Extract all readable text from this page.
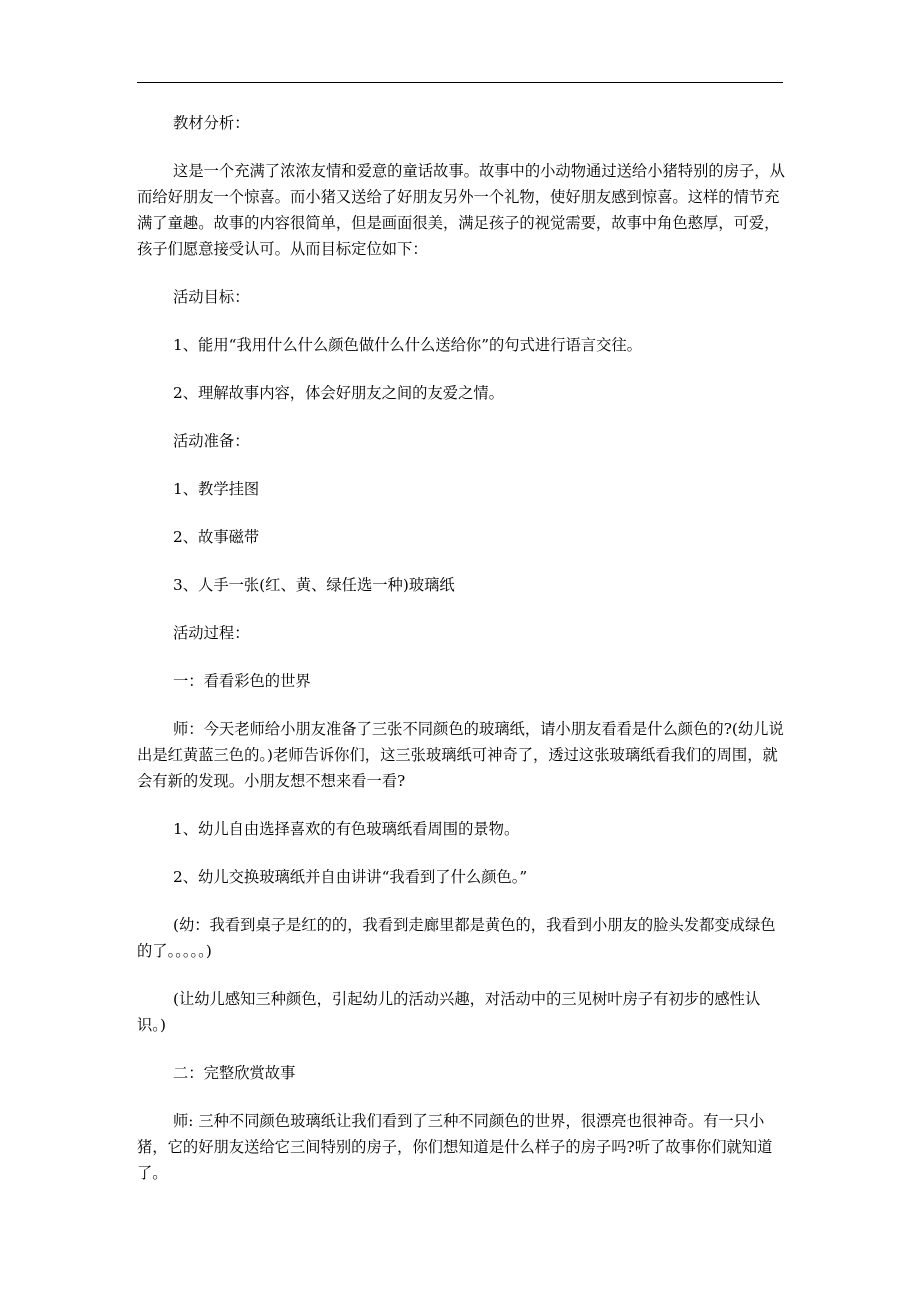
教材分析：

这是一个充满了浓浓友情和爱意的童话故事。故事中的小动物通过送给小猪特别的房子，从而给好朋友一个惊喜。而小猪又送给了好朋友另外一个礼物，使好朋友感到惊喜。这样的情节充满了童趣。故事的内容很简单，但是画面很美，满足孩子的视觉需要，故事中角色憨厚，可爱，孩子们愿意接受认可。从而目标定位如下：

活动目标：

1、能用“我用什么什么颜色做什么什么送给你”的句式进行语言交往。

2、理解故事内容，体会好朋友之间的友爱之情。

活动准备：

1、教学挂图

2、故事磁带

3、人手一张(红、黄、绿任选一种)玻璃纸

活动过程：

一：看看彩色的世界

师：今天老师给小朋友准备了三张不同颜色的玻璃纸，请小朋友看看是什么颜色的?(幼儿说出是红黄蓝三色的。)老师告诉你们，这三张玻璃纸可神奇了，透过这张玻璃纸看我们的周围，就会有新的发现。小朋友想不想来看一看?

1、幼儿自由选择喜欢的有色玻璃纸看周围的景物。

2、幼儿交换玻璃纸并自由讲讲“我看到了什么颜色。”

(幼：我看到桌子是红的的，我看到走廊里都是黄色的，我看到小朋友的脸头发都变成绿色的了。。。。。)

(让幼儿感知三种颜色，引起幼儿的活动兴趣，对活动中的三见树叶房子有初步的感性认识。)

二：完整欣赏故事

师: 三种不同颜色玻璃纸让我们看到了三种不同颜色的世界，很漂亮也很神奇。有一只小猪，它的好朋友送给它三间特别的房子，你们想知道是什么样子的房子吗?听了故事你们就知道了。
